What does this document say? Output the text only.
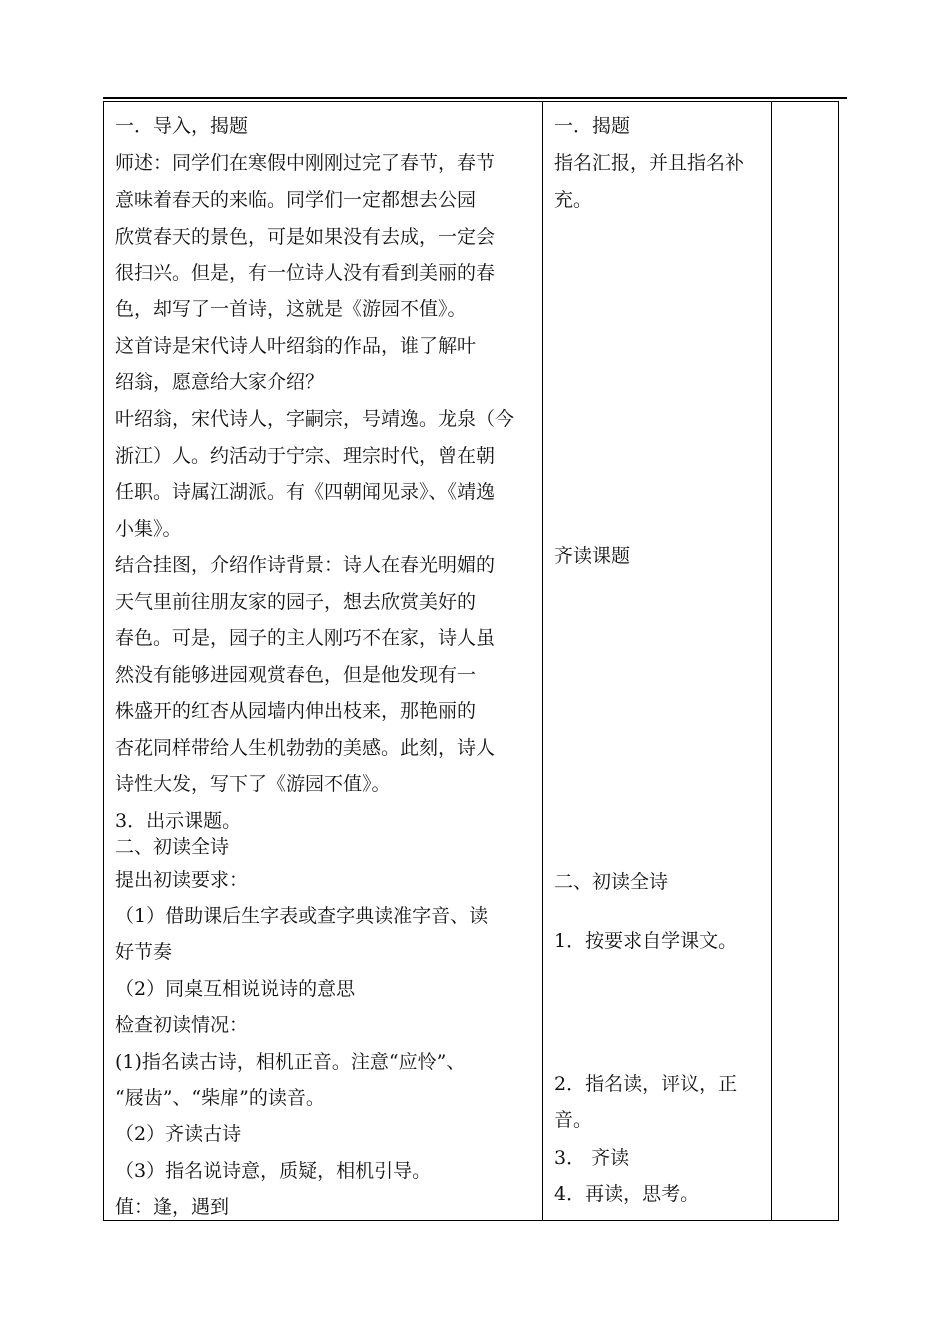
一．导入，揭题
师述：同学们在寒假中刚刚过完了春节，春节
意味着春天的来临。同学们一定都想去公园
欣赏春天的景色，可是如果没有去成，一定会
很扫兴。但是，有一位诗人没有看到美丽的春
色，却写了一首诗，这就是《游园不值》。
这首诗是宋代诗人叶绍翁的作品，谁了解叶
绍翁，愿意给大家介绍？
叶绍翁，宋代诗人，字嗣宗，号靖逸。龙泉（今
浙江）人。约活动于宁宗、理宗时代，曾在朝
任职。诗属江湖派。有《四朝闻见录》、《靖逸
小集》。
结合挂图，介绍作诗背景：诗人在春光明媚的
天气里前往朋友家的园子，想去欣赏美好的
春色。可是，园子的主人刚巧不在家，诗人虽
然没有能够进园观赏春色，但是他发现有一
株盛开的红杏从园墙内伸出枝来，那艳丽的
杏花同样带给人生机勃勃的美感。此刻，诗人
诗性大发，写下了《游园不值》。
3．出示课题。
二、初读全诗
提出初读要求：
（1）借助课后生字表或查字典读准字音、读
好节奏
（2）同桌互相说说诗的意思
检查初读情况：
(1)指名读古诗，相机正音。注意“应怜”、
“屐齿”、“柴扉”的读音。
（2）齐读古诗
（3）指名说诗意，质疑，相机引导。
值：逢，遇到
一．揭题
指名汇报，并且指名补
充。
齐读课题
二、初读全诗
1．按要求自学课文。
2．指名读，评议，正
音。
3． 齐读
4．再读，思考。
